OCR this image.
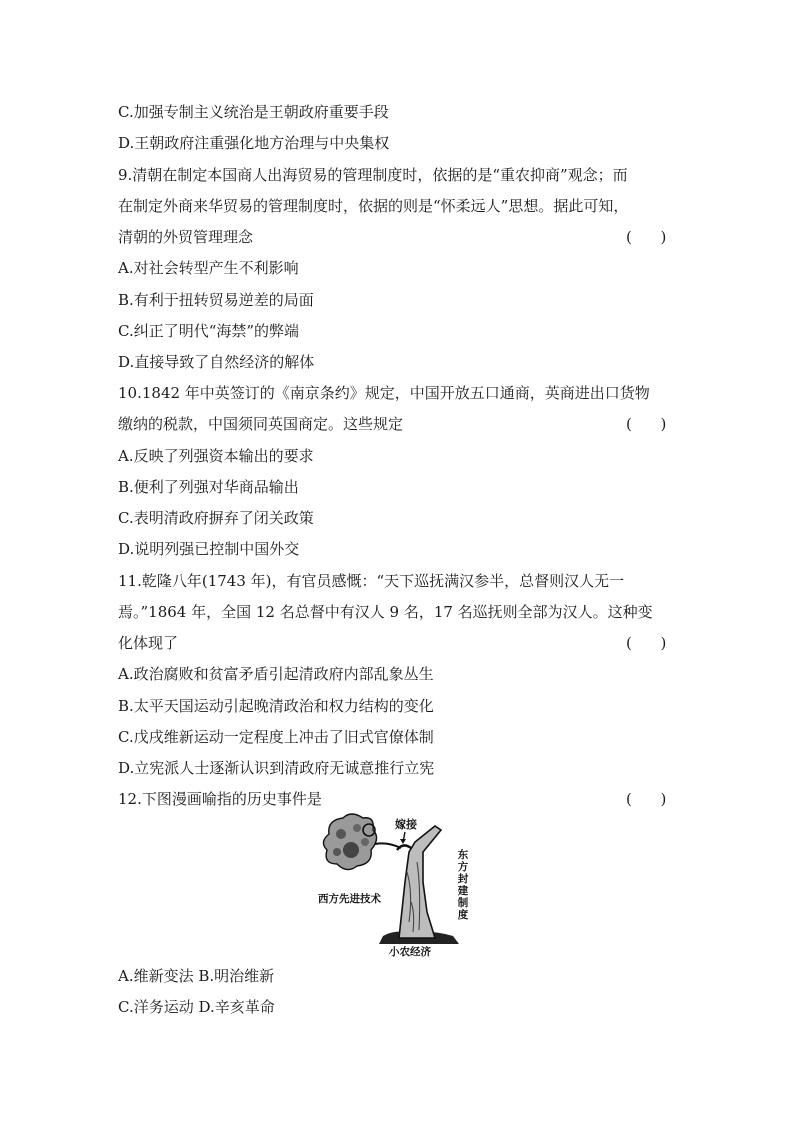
C.加强专制主义统治是王朝政府重要手段
D.王朝政府注重强化地方治理与中央集权
9.清朝在制定本国商人出海贸易的管理制度时，依据的是“重农抑商”观念；而
在制定外商来华贸易的管理制度时，依据的则是“怀柔远人”思想。据此可知，
清朝的外贸管理理念	(      )
A.对社会转型产生不利影响
B.有利于扭转贸易逆差的局面
C.纠正了明代“海禁”的弊端
D.直接导致了自然经济的解体
10.1842 年中英签订的《南京条约》规定，中国开放五口通商，英商进出口货物
缴纳的税款，中国须同英国商定。这些规定	(      )
A.反映了列强资本输出的要求
B.便利了列强对华商品输出
C.表明清政府摒弃了闭关政策
D.说明列强已控制中国外交
11.乾隆八年(1743 年)，有官员感慨：“天下巡抚满汉参半，总督则汉人无一
焉。”1864 年，全国 12 名总督中有汉人 9 名，17 名巡抚则全部为汉人。这种变
化体现了	(      )
A.政治腐败和贫富矛盾引起清政府内部乱象丛生
B.太平天国运动引起晚清政治和权力结构的变化
C.戊戌维新运动一定程度上冲击了旧式官僚体制
D.立宪派人士逐渐认识到清政府无诚意推行立宪
12.下图漫画喻指的历史事件是	(      )
嫁接
东方封建制度
西方先进技术
小农经济
A.维新变法 B.明治维新
C.洋务运动 D.辛亥革命
